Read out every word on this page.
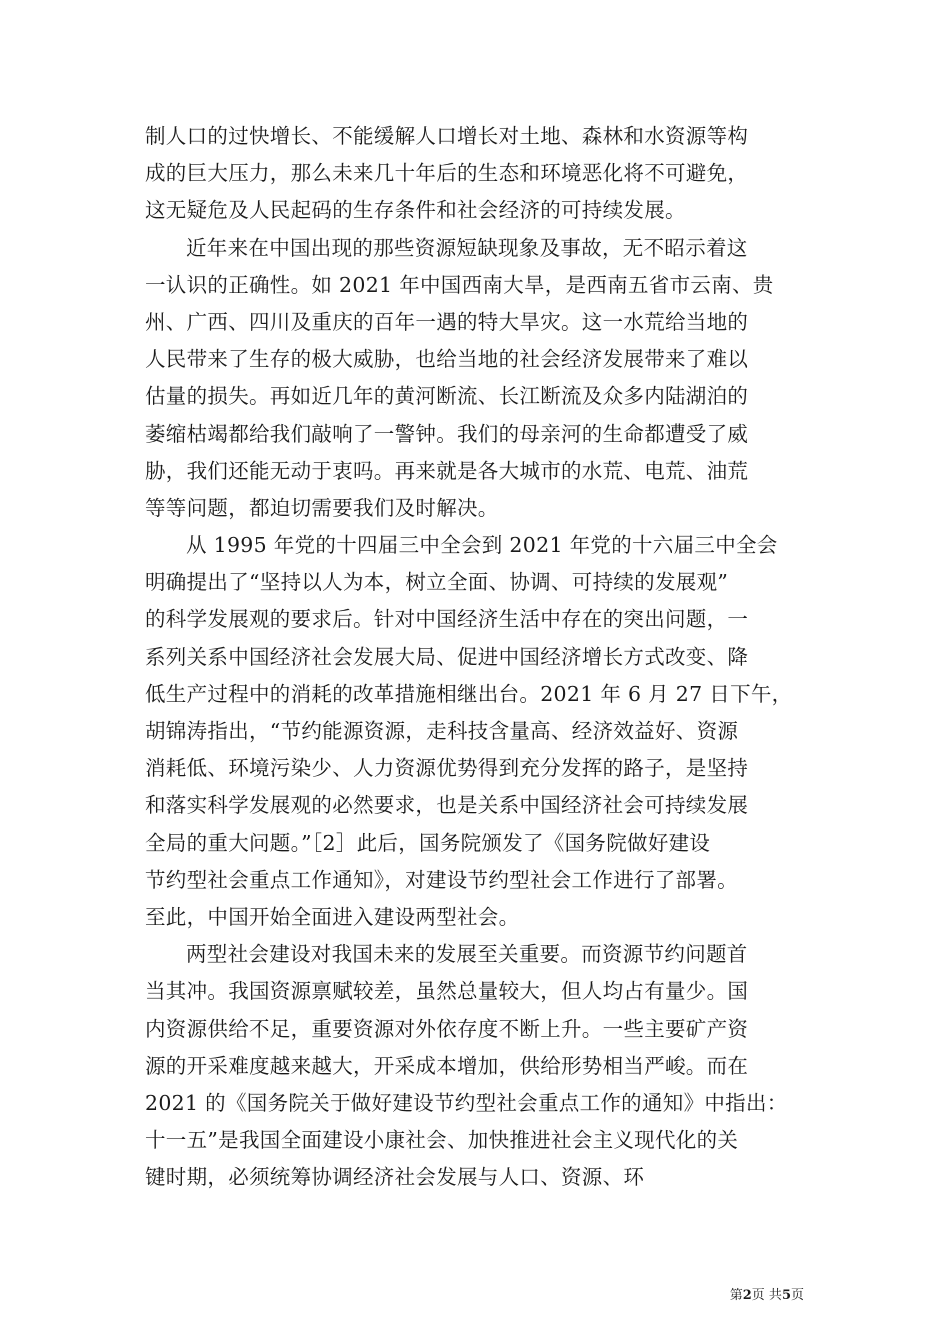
制人口的过快增长、不能缓解人口增长对土地、森林和水资源等构
成的巨大压力，那么未来几十年后的生态和环境恶化将不可避免，
这无疑危及人民起码的生存条件和社会经济的可持续发展。
近年来在中国出现的那些资源短缺现象及事故，无不昭示着这
一认识的正确性。如 2021 年中国西南大旱，是西南五省市云南、贵
州、广西、四川及重庆的百年一遇的特大旱灾。这一水荒给当地的
人民带来了生存的极大威胁，也给当地的社会经济发展带来了难以
估量的损失。再如近几年的黄河断流、长江断流及众多内陆湖泊的
萎缩枯竭都给我们敲响了一警钟。我们的母亲河的生命都遭受了威
胁，我们还能无动于衷吗。再来就是各大城市的水荒、电荒、油荒
等等问题，都迫切需要我们及时解决。
从 1995 年党的十四届三中全会到 2021 年党的十六届三中全会
明确提出了“坚持以人为本，树立全面、协调、可持续的发展观”
的科学发展观的要求后。针对中国经济生活中存在的突出问题，一
系列关系中国经济社会发展大局、促进中国经济增长方式改变、降
低生产过程中的消耗的改革措施相继出台。2021 年 6 月 27 日下午，
胡锦涛指出，“节约能源资源，走科技含量高、经济效益好、资源
消耗低、环境污染少、人力资源优势得到充分发挥的路子，是坚持
和落实科学发展观的必然要求，也是关系中国经济社会可持续发展
全局的重大问题。”［2］此后，国务院颁发了《国务院做好建设
节约型社会重点工作通知》，对建设节约型社会工作进行了部署。
至此，中国开始全面进入建设两型社会。
两型社会建设对我国未来的发展至关重要。而资源节约问题首
当其冲。我国资源禀赋较差，虽然总量较大，但人均占有量少。国
内资源供给不足，重要资源对外依存度不断上升。一些主要矿产资
源的开采难度越来越大，开采成本增加，供给形势相当严峻。而在
2021 的《国务院关于做好建设节约型社会重点工作的通知》中指出：
十一五”是我国全面建设小康社会、加快推进社会主义现代化的关
键时期，必须统筹协调经济社会发展与人口、资源、环
第2页 共5页
